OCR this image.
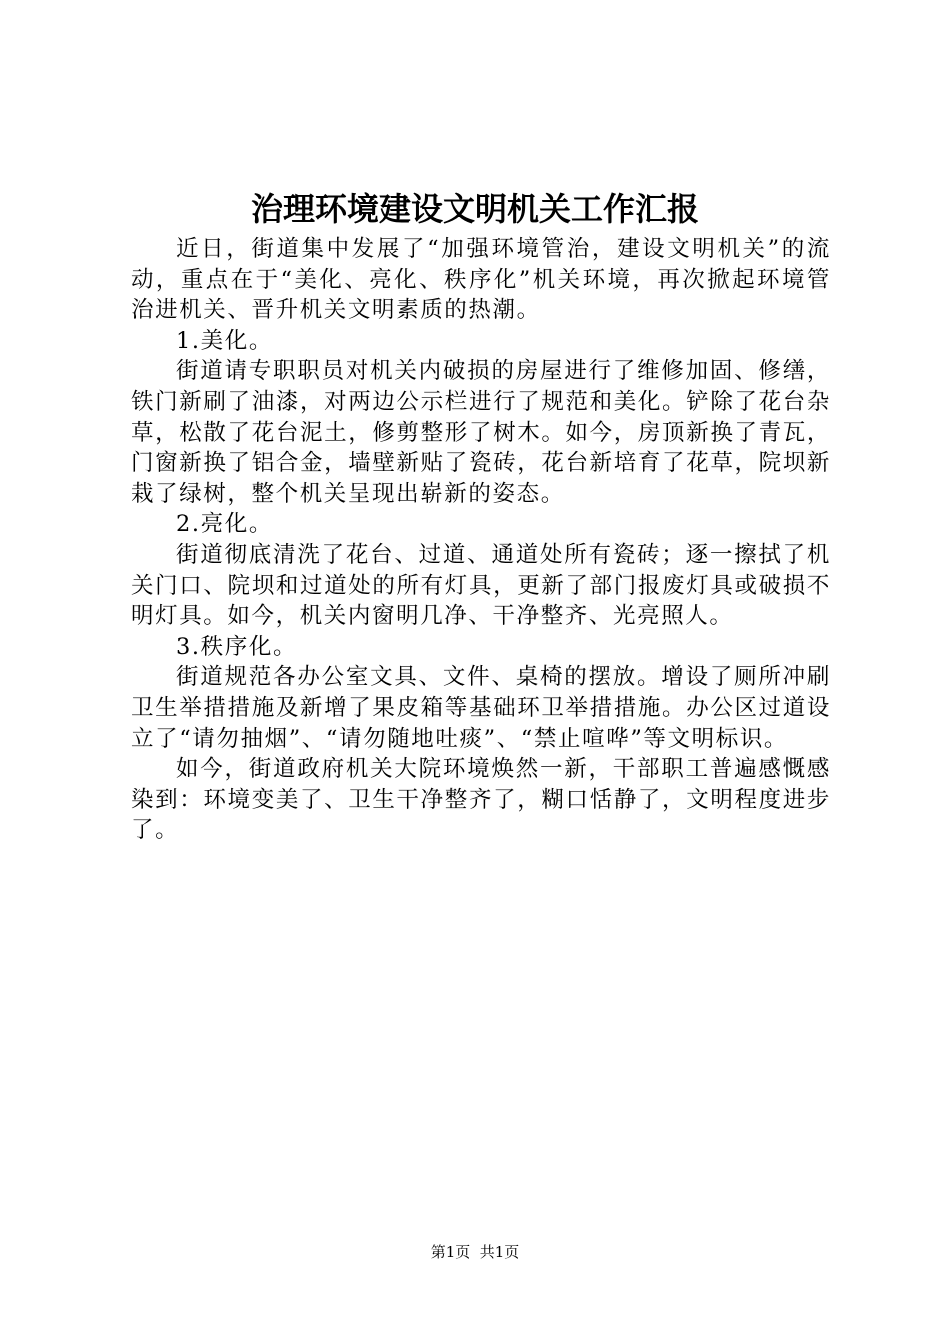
治理环境建设文明机关工作汇报

近日，街道集中发展了“加强环境管治，建设文明机关”的流动，重点在于“美化、亮化、秩序化”机关环境，再次掀起环境管治进机关、晋升机关文明素质的热潮。

1.美化。

街道请专职职员对机关内破损的房屋进行了维修加固、修缮，铁门新刷了油漆，对两边公示栏进行了规范和美化。铲除了花台杂草，松散了花台泥土，修剪整形了树木。如今，房顶新换了青瓦，门窗新换了铝合金，墙壁新贴了瓷砖，花台新培育了花草，院坝新栽了绿树，整个机关呈现出崭新的姿态。

2.亮化。

街道彻底清洗了花台、过道、通道处所有瓷砖；逐一擦拭了机关门口、院坝和过道处的所有灯具，更新了部门报废灯具或破损不明灯具。如今，机关内窗明几净、干净整齐、光亮照人。

3.秩序化。

街道规范各办公室文具、文件、桌椅的摆放。增设了厕所冲刷卫生举措措施及新增了果皮箱等基础环卫举措措施。办公区过道设立了“请勿抽烟”、“请勿随地吐痰”、“禁止喧哗”等文明标识。

如今，街道政府机关大院环境焕然一新，干部职工普遍感慨感染到：环境变美了、卫生干净整齐了，糊口恬静了，文明程度进步了。

第1页  共1页
